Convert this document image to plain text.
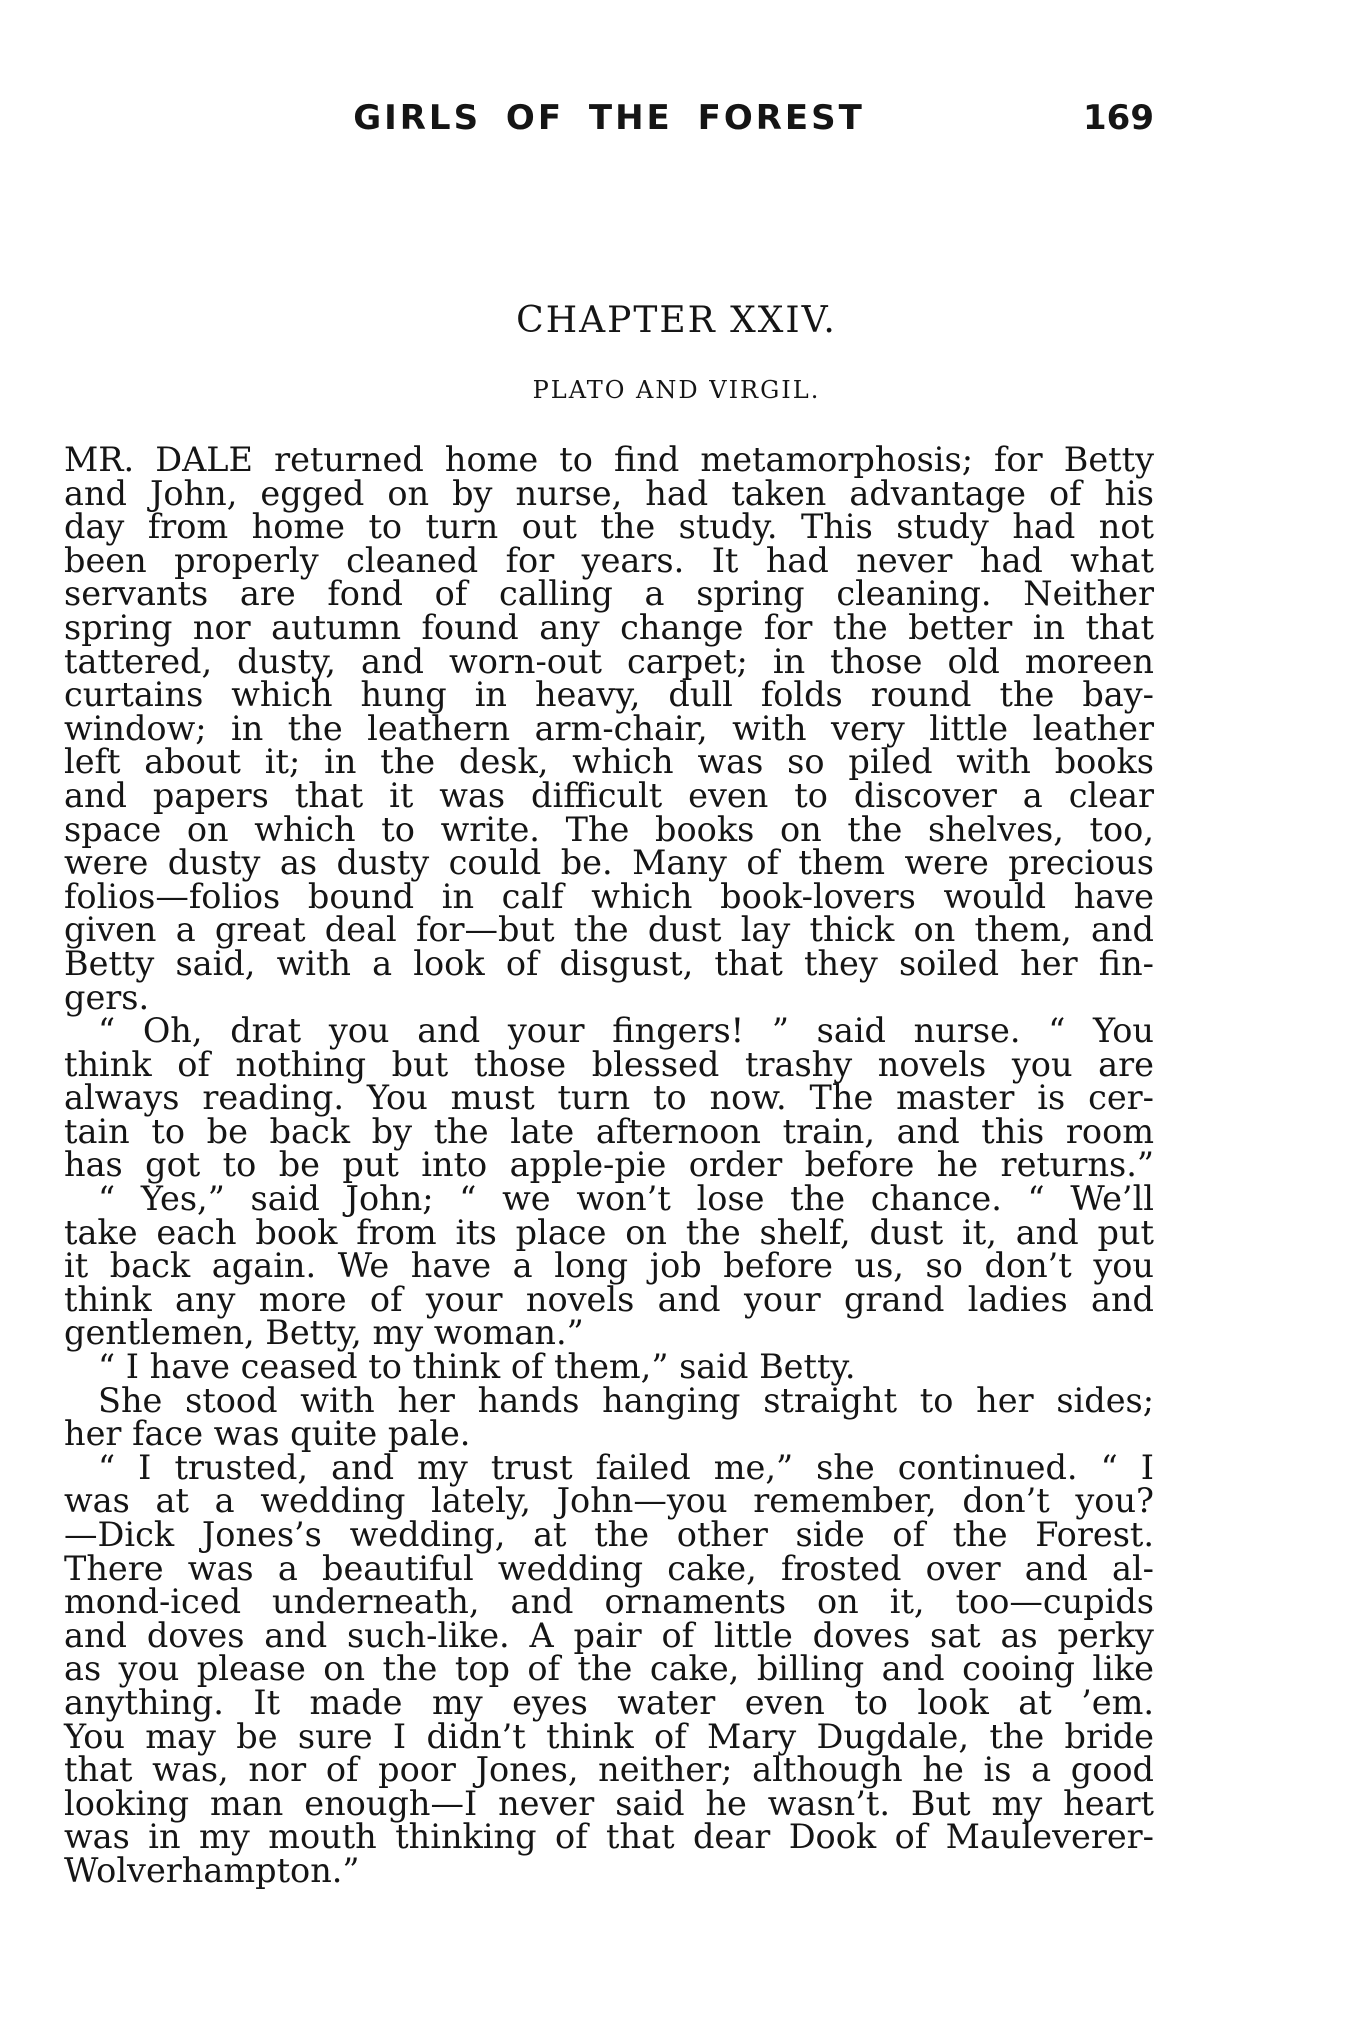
GIRLS OF THE FOREST	169
CHAPTER XXIV.
PLATO AND VIRGIL.
MR. DALE returned home to find metamorphosis; for Betty
and John, egged on by nurse, had taken advantage of his
day from home to turn out the study. This study had not
been properly cleaned for years. It had never had what
servants are fond of calling a spring cleaning. Neither
spring nor autumn found any change for the better in that
tattered, dusty, and worn-out carpet; in those old moreen
curtains which hung in heavy, dull folds round the bay-
window; in the leathern arm-chair, with very little leather
left about it; in the desk, which was so piled with books
and papers that it was difficult even to discover a clear
space on which to write. The books on the shelves, too,
were dusty as dusty could be. Many of them were precious
folios—folios bound in calf which book-lovers would have
given a great deal for—but the dust lay thick on them, and
Betty said, with a look of disgust, that they soiled her fin-
gers.
“ Oh, drat you and your fingers! ” said nurse. “ You
think of nothing but those blessed trashy novels you are
always reading. You must turn to now. The master is cer-
tain to be back by the late afternoon train, and this room
has got to be put into apple-pie order before he returns.”
“ Yes,” said John; “ we won’t lose the chance. “ We’ll
take each book from its place on the shelf, dust it, and put
it back again. We have a long job before us, so don’t you
think any more of your novels and your grand ladies and
gentlemen, Betty, my woman.”
“ I have ceased to think of them,” said Betty.
She stood with her hands hanging straight to her sides;
her face was quite pale.
“ I trusted, and my trust failed me,” she continued. “ I
was at a wedding lately, John—you remember, don’t you?
—Dick Jones’s wedding, at the other side of the Forest.
There was a beautiful wedding cake, frosted over and al-
mond-iced underneath, and ornaments on it, too—cupids
and doves and such-like. A pair of little doves sat as perky
as you please on the top of the cake, billing and cooing like
anything. It made my eyes water even to look at ’em.
You may be sure I didn’t think of Mary Dugdale, the bride
that was, nor of poor Jones, neither; although he is a good
looking man enough—I never said he wasn’t. But my heart
was in my mouth thinking of that dear Dook of Mauleverer-
Wolverhampton.”
